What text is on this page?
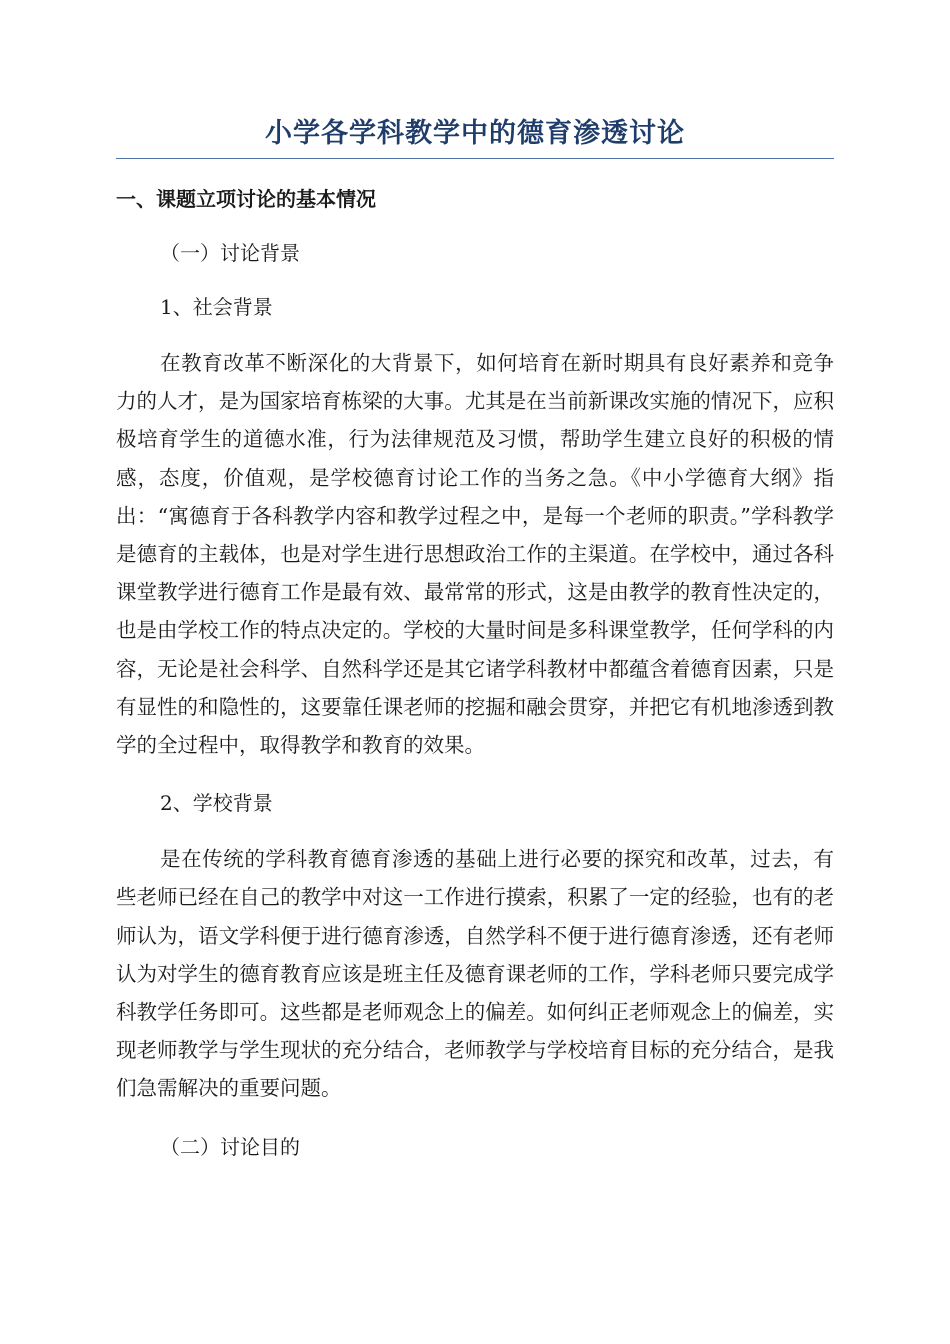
小学各学科教学中的德育渗透讨论
一、课题立项讨论的基本情况
（一）讨论背景
1、社会背景

在教育改革不断深化的大背景下，如何培育在新时期具有良好素养和竞争力的人才，是为国家培育栋梁的大事。尤其是在当前新课改实施的情况下，应积极培育学生的道德水准，行为法律规范及习惯，帮助学生建立良好的积极的情感，态度，价值观，是学校德育讨论工作的当务之急。《中小学德育大纲》指出：“寓德育于各科教学内容和教学过程之中，是每一个老师的职责。”学科教学是德育的主载体，也是对学生进行思想政治工作的主渠道。在学校中，通过各科课堂教学进行德育工作是最有效、最常常的形式，这是由教学的教育性决定的，也是由学校工作的特点决定的。学校的大量时间是多科课堂教学，任何学科的内容，无论是社会科学、自然科学还是其它诸学科教材中都蕴含着德育因素，只是有显性的和隐性的，这要靠任课老师的挖掘和融会贯穿，并把它有机地渗透到教学的全过程中，取得教学和教育的效果。

2、学校背景

是在传统的学科教育德育渗透的基础上进行必要的探究和改革，过去，有些老师已经在自己的教学中对这一工作进行摸索，积累了一定的经验，也有的老师认为，语文学科便于进行德育渗透，自然学科不便于进行德育渗透，还有老师认为对学生的德育教育应该是班主任及德育课老师的工作，学科老师只要完成学科教学任务即可。这些都是老师观念上的偏差。如何纠正老师观念上的偏差，实现老师教学与学生现状的充分结合，老师教学与学校培育目标的充分结合，是我们急需解决的重要问题。

（二）讨论目的
